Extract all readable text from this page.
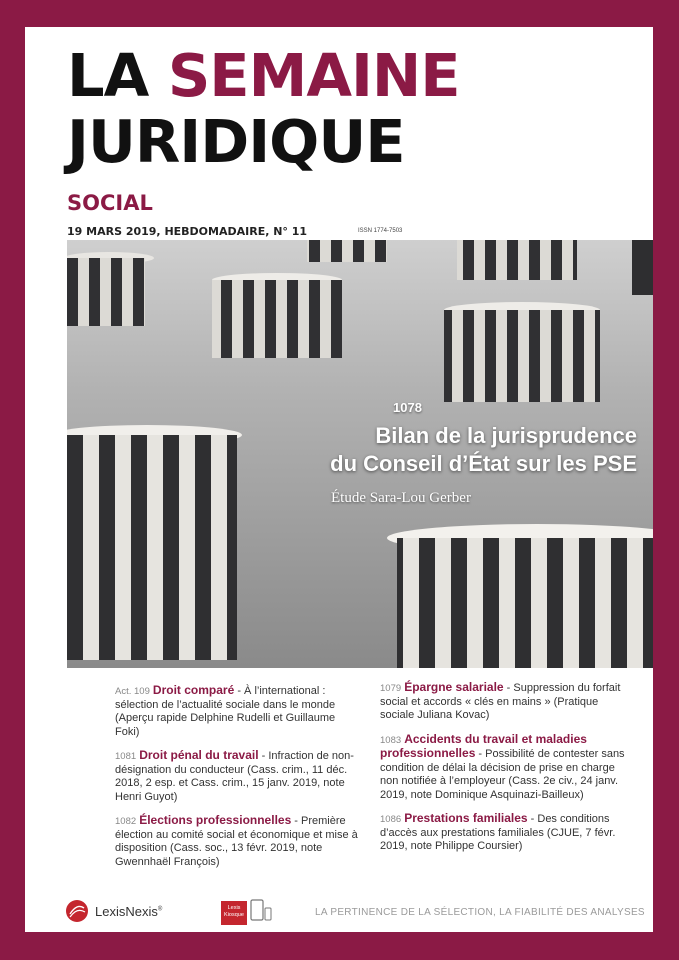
LA SEMAINE
JURIDIQUE
SOCIAL
19 MARS 2019, HEBDOMADAIRE, N° 11	ISSN 1774-7503
1078
Bilan de la jurisprudence
du Conseil d’État sur les PSE
Étude Sara-Lou Gerber
Act. 109 Droit comparé - À l’international : sélection de l’actualité sociale dans le monde (Aperçu rapide Delphine Rudelli et Guillaume Foki)
1081 Droit pénal du travail - Infraction de non-désignation du conducteur (Cass. crim., 11 déc. 2018, 2 esp. et Cass. crim., 15 janv. 2019, note Henri Guyot)
1082 Élections professionnelles - Première élection au comité social et économique et mise à disposition (Cass. soc., 13 févr. 2019, note Gwennhaël François)
1079 Épargne salariale - Suppression du forfait social et accords « clés en mains » (Pratique sociale Juliana Kovac)
1083 Accidents du travail et maladies professionnelles - Possibilité de contester sans condition de délai la décision de prise en charge non notifiée à l’employeur (Cass. 2e civ., 24 janv. 2019, note Dominique Asquinazi-Bailleux)
1086 Prestations familiales - Des conditions d’accès aux prestations familiales (CJUE, 7 févr. 2019, note Philippe Coursier)
LexisNexis®	Lexis
Kiosque	LA PERTINENCE DE LA SÉLECTION, LA FIABILITÉ DES ANALYSES
